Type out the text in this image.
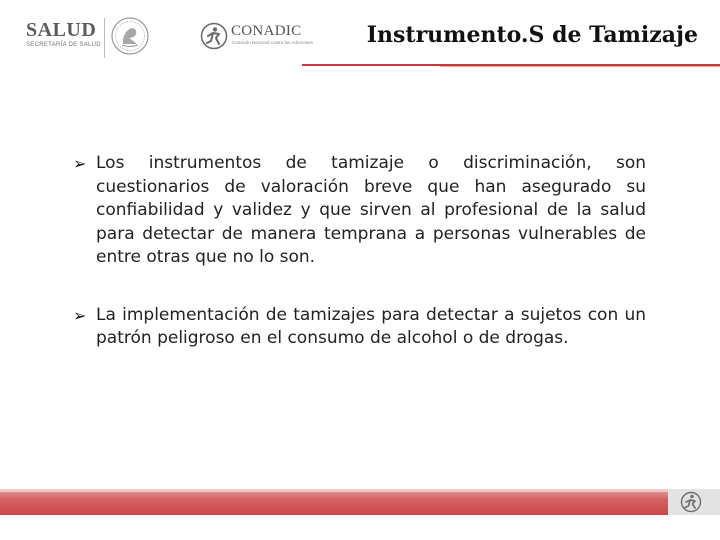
SALUD
SECRETARÍA DE SALUD
CONADIC
Comisión Nacional contra las Adicciones Instrumento.S de Tamizaje

➢ Los instrumentos de tamizaje o discriminación, son cuestionarios de valoración breve que han asegurado su confiabilidad y validez y que sirven al profesional de la salud para detectar de manera temprana a personas vulnerables de entre otras que no lo son.

➢ La implementación de tamizajes para detectar a sujetos con un patrón peligroso en el consumo de alcohol o de drogas.
